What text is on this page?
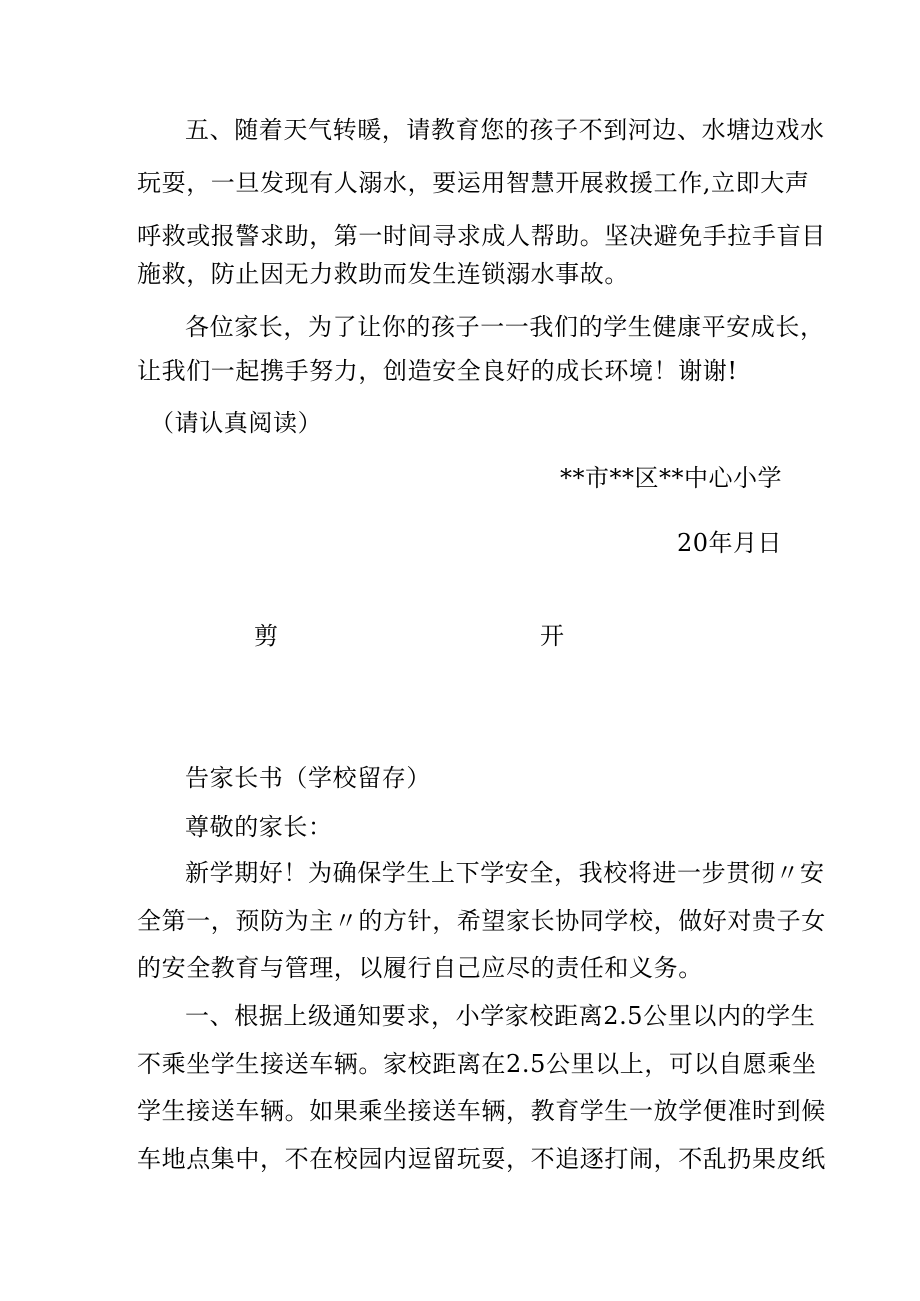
五、随着天气转暖，请教育您的孩子不到河边、水塘边戏水
玩耍，一旦发现有人溺水，要运用智慧开展救援工作,立即大声
呼救或报警求助，第一时间寻求成人帮助。坚决避免手拉手盲目
施救，防止因无力救助而发生连锁溺水事故。
各位家长，为了让你的孩子一一我们的学生健康平安成长，
让我们一起携手努力，创造安全良好的成长环境！谢谢!
（请认真阅读）
**市**区**中心小学
20年月日
剪	开
告家长书（学校留存）
尊敬的家长：
新学期好！为确保学生上下学安全，我校将进一步贯彻〃安
全第一，预防为主〃的方针，希望家长协同学校，做好对贵子女
的安全教育与管理，以履行自己应尽的责任和义务。
一、根据上级通知要求，小学家校距离2.5公里以内的学生
不乘坐学生接送车辆。家校距离在2.5公里以上，可以自愿乘坐
学生接送车辆。如果乘坐接送车辆，教育学生一放学便准时到候
车地点集中，不在校园内逗留玩耍，不追逐打闹，不乱扔果皮纸
